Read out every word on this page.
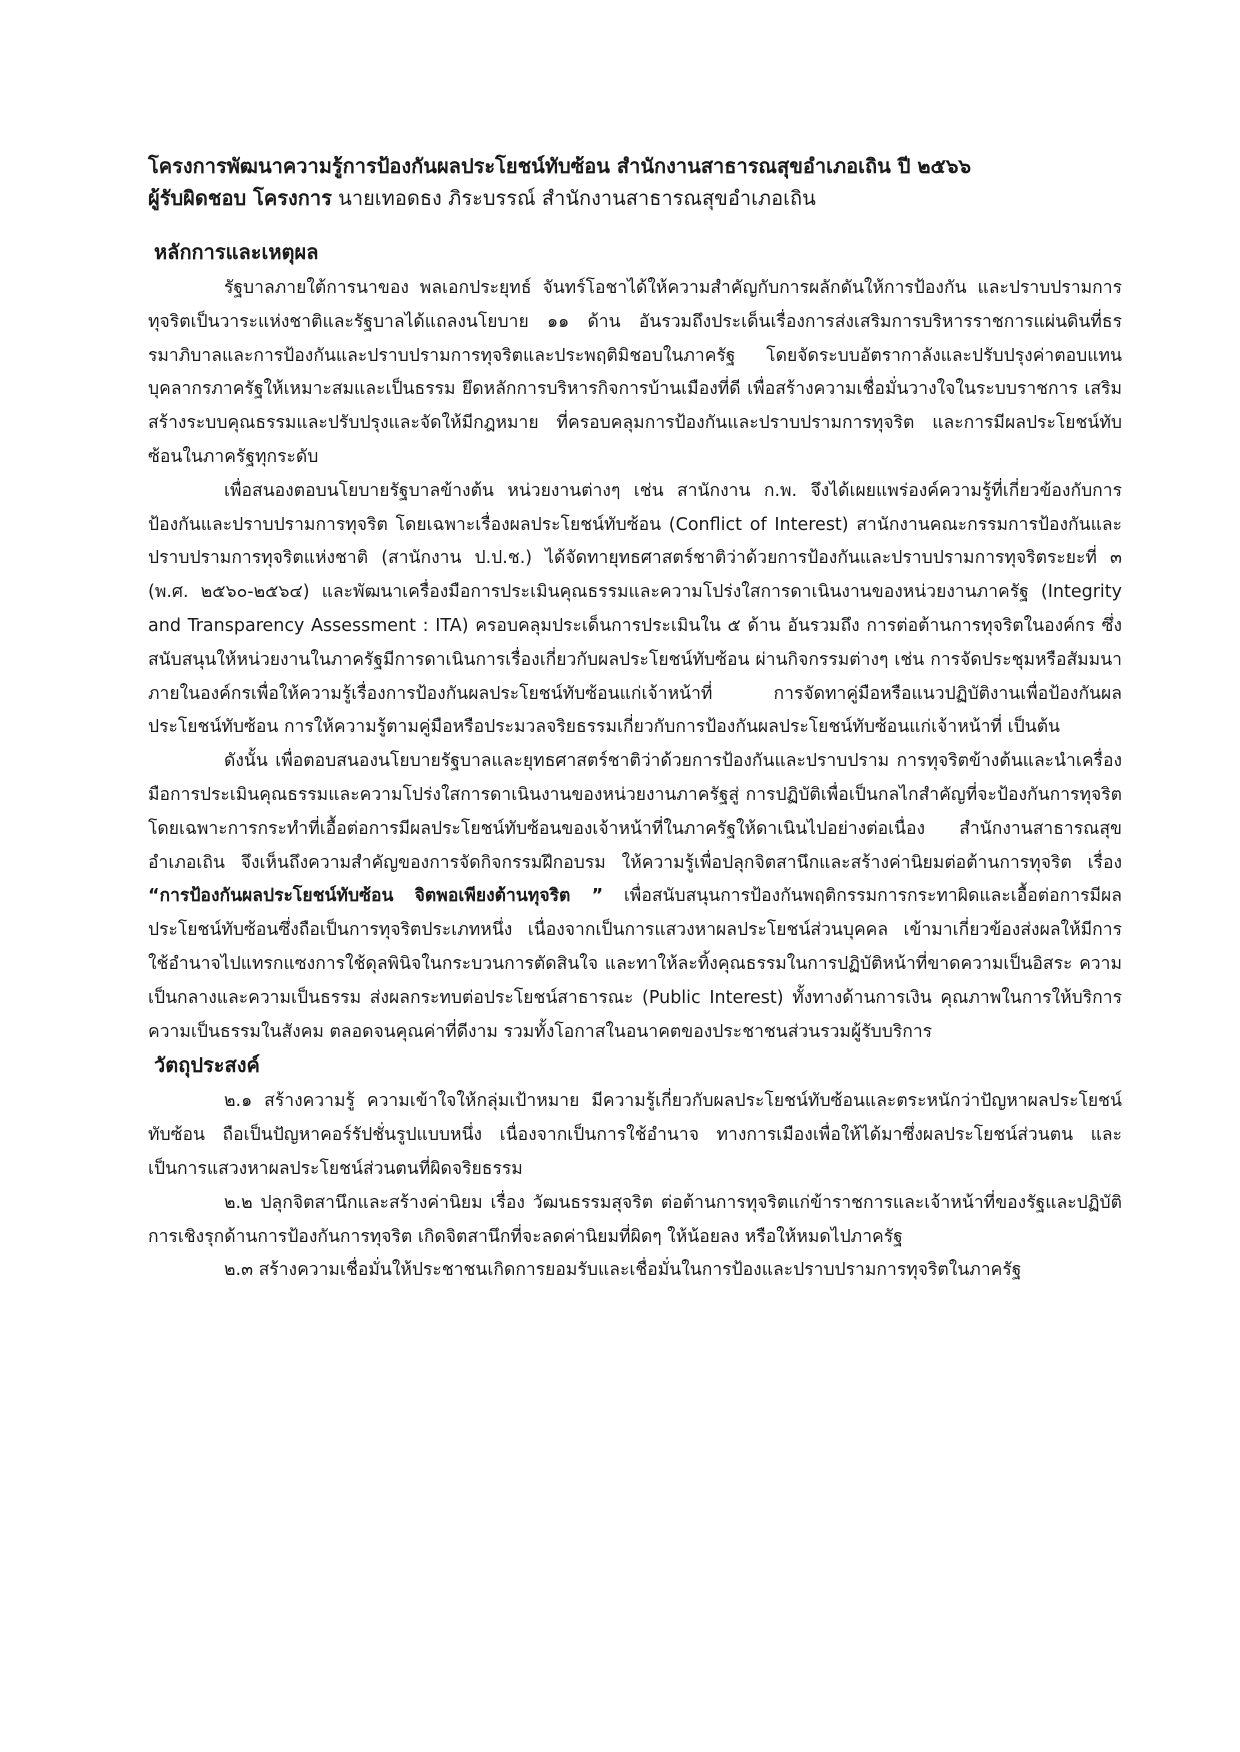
โครงการพัฒนาความรู้การป้องกันผลประโยชน์ทับซ้อน สำนักงานสาธารณสุขอำเภอเถิน ปี ๒๕๖๖
ผู้รับผิดชอบ โครงการ นายเทอดธง ภิระบรรณ์ สำนักงานสาธารณสุขอำเภอเถิน
หลักการและเหตุผล

รัฐบาลภายใต้การนาของ พลเอกประยุทธ์ จันทร์โอชาได้ให้ความสำคัญกับการผลักดันให้การป้องกัน และปราบปรามการทุจริตเป็นวาระแห่งชาติและรัฐบาลได้แถลงนโยบาย ๑๑ ด้าน อันรวมถึงประเด็นเรื่องการส่งเสริมการบริหารราชการแผ่นดินที่ธรรมาภิบาลและการป้องกันและปราบปรามการทุจริตและประพฤติมิชอบในภาครัฐ โดยจัดระบบอัตรากาลังและปรับปรุงค่าตอบแทนบุคลากรภาครัฐให้เหมาะสมและเป็นธรรม ยึดหลักการบริหารกิจการบ้านเมืองที่ดี เพื่อสร้างความเชื่อมั่นวางใจในระบบราชการ เสริมสร้างระบบคุณธรรมและปรับปรุงและจัดให้มีกฎหมาย ที่ครอบคลุมการป้องกันและปราบปรามการทุจริต และการมีผลประโยชน์ทับซ้อนในภาครัฐทุกระดับ

เพื่อสนองตอบนโยบายรัฐบาลข้างต้น หน่วยงานต่างๆ เช่น สานักงาน ก.พ. จึงได้เผยแพร่องค์ความรู้ที่เกี่ยวข้องกับการป้องกันและปราบปรามการทุจริต โดยเฉพาะเรื่องผลประโยชน์ทับซ้อน (Conflict of Interest) สานักงานคณะกรรมการป้องกันและปราบปรามการทุจริตแห่งชาติ (สานักงาน ป.ป.ช.) ได้จัดทายุทธศาสตร์ชาติว่าด้วยการป้องกันและปราบปรามการทุจริตระยะที่ ๓ (พ.ศ. ๒๕๖๐-๒๕๖๔) และพัฒนาเครื่องมือการประเมินคุณธรรมและความโปร่งใสการดาเนินงานของหน่วยงานภาครัฐ (Integrity and Transparency Assessment : ITA) ครอบคลุมประเด็นการประเมินใน ๕ ด้าน อันรวมถึง การต่อต้านการทุจริตในองค์กร ซึ่งสนับสนุนให้หน่วยงานในภาครัฐมีการดาเนินการเรื่องเกี่ยวกับผลประโยชน์ทับซ้อน ผ่านกิจกรรมต่างๆ เช่น การจัดประชุมหรือสัมมนาภายในองค์กรเพื่อให้ความรู้เรื่องการป้องกันผลประโยชน์ทับซ้อนแก่เจ้าหน้าที่ การจัดทาคู่มือหรือแนวปฏิบัติงานเพื่อป้องกันผลประโยชน์ทับซ้อน การให้ความรู้ตามคู่มือหรือประมวลจริยธรรมเกี่ยวกับการป้องกันผลประโยชน์ทับซ้อนแก่เจ้าหน้าที่ เป็นต้น

ดังนั้น เพื่อตอบสนองนโยบายรัฐบาลและยุทธศาสตร์ชาติว่าด้วยการป้องกันและปราบปราม การทุจริตข้างต้นและนำเครื่องมือการประเมินคุณธรรมและความโปร่งใสการดาเนินงานของหน่วยงานภาครัฐสู่ การปฏิบัติเพื่อเป็นกลไกสำคัญที่จะป้องกันการทุจริต โดยเฉพาะการกระทำที่เอื้อต่อการมีผลประโยชน์ทับซ้อนของเจ้าหน้าที่ในภาครัฐให้ดาเนินไปอย่างต่อเนื่อง สำนักงานสาธารณสุขอำเภอเถิน จึงเห็นถึงความสำคัญของการจัดกิจกรรมฝึกอบรม ให้ความรู้เพื่อปลุกจิตสานึกและสร้างค่านิยมต่อต้านการทุจริต เรื่อง “การป้องกันผลประโยชน์ทับซ้อน จิตพอเพียงต้านทุจริต ” เพื่อสนับสนุนการป้องกันพฤติกรรมการกระทาผิดและเอื้อต่อการมีผลประโยชน์ทับซ้อนซึ่งถือเป็นการทุจริตประเภทหนึ่ง เนื่องจากเป็นการแสวงหาผลประโยชน์ส่วนบุคคล เข้ามาเกี่ยวข้องส่งผลให้มีการใช้อำนาจไปแทรกแซงการใช้ดุลพินิจในกระบวนการตัดสินใจ และทาให้ละทิ้งคุณธรรมในการปฏิบัติหน้าที่ขาดความเป็นอิสระ ความเป็นกลางและความเป็นธรรม ส่งผลกระทบต่อประโยชน์สาธารณะ (Public Interest) ทั้งทางด้านการเงิน คุณภาพในการให้บริการ ความเป็นธรรมในสังคม ตลอดจนคุณค่าที่ดีงาม รวมทั้งโอกาสในอนาคตของประชาชนส่วนรวมผู้รับบริการ

วัตถุประสงค์

๒.๑ สร้างความรู้ ความเข้าใจให้กลุ่มเป้าหมาย มีความรู้เกี่ยวกับผลประโยชน์ทับซ้อนและตระหนักว่าปัญหาผลประโยชน์ทับซ้อน ถือเป็นปัญหาคอร์รัปชั่นรูปแบบหนึ่ง เนื่องจากเป็นการใช้อำนาจ ทางการเมืองเพื่อให้ได้มาซึ่งผลประโยชน์ส่วนตน และเป็นการแสวงหาผลประโยชน์ส่วนตนที่ผิดจริยธรรม

๒.๒ ปลุกจิตสานึกและสร้างค่านิยม เรื่อง วัฒนธรรมสุจริต ต่อต้านการทุจริตแก่ข้าราชการและเจ้าหน้าที่ของรัฐและปฏิบัติการเชิงรุกด้านการป้องกันการทุจริต เกิดจิตสานึกที่จะลดค่านิยมที่ผิดๆ ให้น้อยลง หรือให้หมดไปภาครัฐ

๒.๓ สร้างความเชื่อมั่นให้ประชาชนเกิดการยอมรับและเชื่อมั่นในการป้องและปราบปรามการทุจริตในภาครัฐ
